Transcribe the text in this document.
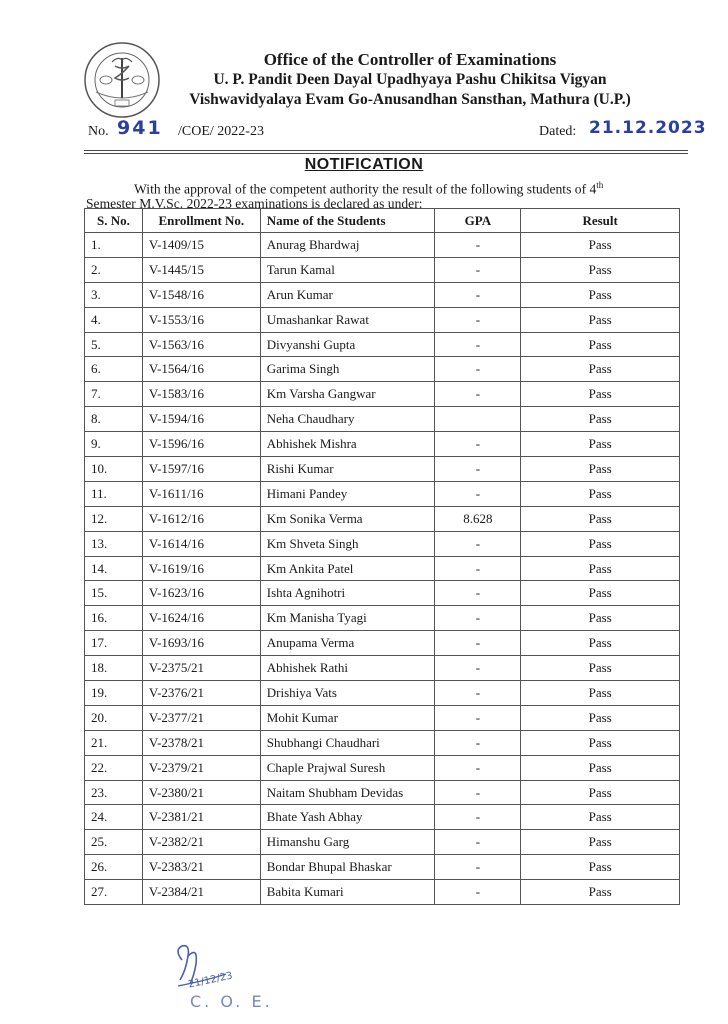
Office of the Controller of Examinations
U. P. Pandit Deen Dayal Upadhyaya Pashu Chikitsa Vigyan
Vishwavidyalaya Evam Go-Anusandhan Sansthan, Mathura (U.P.)
No. 941 /COE/ 2022-23	Dated: 21.12.2023
NOTIFICATION
With the approval of the competent authority the result of the following students of 4th
Semester M.V.Sc. 2022-23 examinations is declared as under:
S. No.	Enrollment No.	Name of the Students	GPA	Result
1.	V-1409/15	Anurag Bhardwaj	-	Pass
2.	V-1445/15	Tarun Kamal	-	Pass
3.	V-1548/16	Arun Kumar	-	Pass
4.	V-1553/16	Umashankar Rawat	-	Pass
5.	V-1563/16	Divyanshi Gupta	-	Pass
6.	V-1564/16	Garima Singh	-	Pass
7.	V-1583/16	Km Varsha Gangwar	-	Pass
8.	V-1594/16	Neha Chaudhary		Pass
9.	V-1596/16	Abhishek Mishra	-	Pass
10.	V-1597/16	Rishi Kumar	-	Pass
11.	V-1611/16	Himani Pandey	-	Pass
12.	V-1612/16	Km Sonika Verma	8.628	Pass
13.	V-1614/16	Km Shveta Singh	-	Pass
14.	V-1619/16	Km Ankita Patel	-	Pass
15.	V-1623/16	Ishta Agnihotri	-	Pass
16.	V-1624/16	Km Manisha Tyagi	-	Pass
17.	V-1693/16	Anupama Verma	-	Pass
18.	V-2375/21	Abhishek Rathi	-	Pass
19.	V-2376/21	Drishiya Vats	-	Pass
20.	V-2377/21	Mohit Kumar	-	Pass
21.	V-2378/21	Shubhangi Chaudhari	-	Pass
22.	V-2379/21	Chaple Prajwal Suresh	-	Pass
23.	V-2380/21	Naitam Shubham Devidas	-	Pass
24.	V-2381/21	Bhate Yash Abhay	-	Pass
25.	V-2382/21	Himanshu Garg	-	Pass
26.	V-2383/21	Bondar Bhupal Bhaskar	-	Pass
27.	V-2384/21	Babita Kumari	-	Pass
21/12/23
C. O. E.
